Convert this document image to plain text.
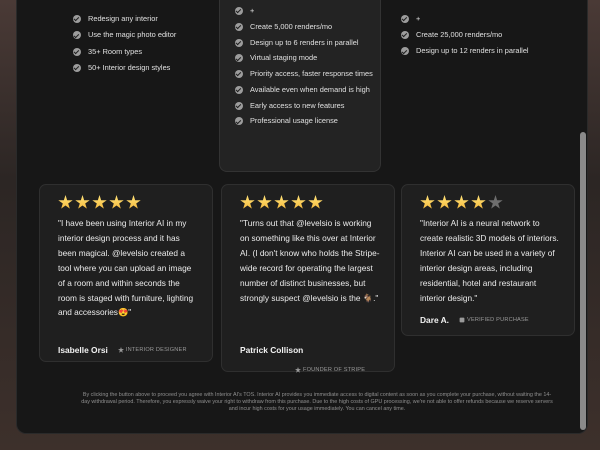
Redesign any interior
Use the magic photo editor
35+ Room types
50+ Interior design styles
+
Create 5,000 renders/mo
Design up to 6 renders in parallel
Virtual staging mode
Priority access, faster response times
Available even when demand is high
Early access to new features
Professional usage license
+
Create 25,000 renders/mo
Design up to 12 renders in parallel

"I have been using Interior AI in my interior design process and it has been magical. @levelsio created a tool where you can upload an image of a room and within seconds the room is staged with furniture, lighting and accessories😍"

Isabelle Orsi	INTERIOR DESIGNER

"Turns out that @levelsio is working on something like this over at Interior AI. (I don't know who holds the Stripe-wide record for operating the largest number of distinct businesses, but strongly suspect @levelsio is the 🐐."

Patrick Collison
FOUNDER OF STRIPE

"Interior AI is a neural network to create realistic 3D models of interiors. Interior AI can be used in a variety of interior design areas, including residential, hotel and restaurant interior design."

Dare A.	VERIFIED PURCHASE

By clicking the button above to proceed you agree with Interior AI's TOS. Interior AI provides you immediate access to digital content as soon as you complete your purchase, without waiting the 14-day withdrawal period. Therefore, you expressly waive your right to withdraw from this purchase. Due to the high costs of GPU processing, we're not able to offer refunds because we reserve servers and incur high costs for your usage immediately. You can cancel any time.
